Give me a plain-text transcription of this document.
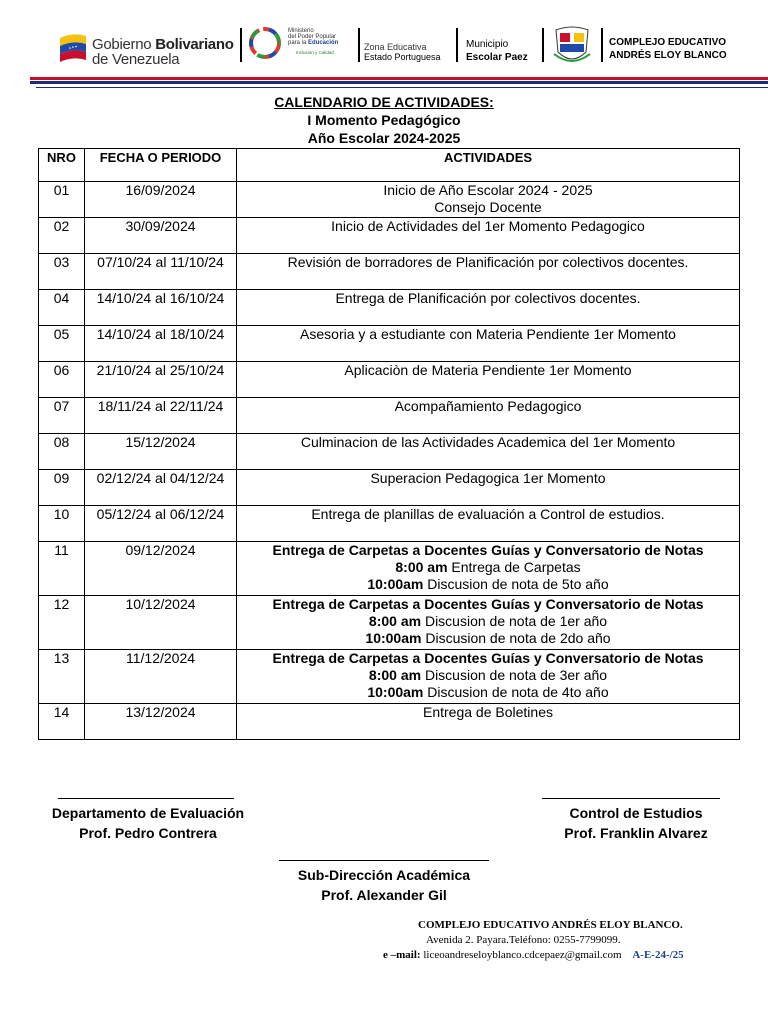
Gobierno Bolivariano
de Venezuela
Ministerio
del Poder Popular
para la Educación
Inclusión y Calidad
Zona Educativa
Estado Portuguesa
Municipio
Escolar Paez
COMPLEJO EDUCATIVO
ANDRÉS ELOY BLANCO
CALENDARIO DE ACTIVIDADES:
I Momento Pedagógico
Año Escolar 2024-2025
NRO	FECHA O PERIODO	ACTIVIDADES
01	16/09/2024	Inicio de Año Escolar 2024 - 2025
Consejo Docente

02	30/09/2024	Inicio de Actividades del 1er Momento Pedagogico
03	07/10/24 al 11/10/24	Revisión de borradores de Planificación por colectivos docentes.
04	14/10/24 al 16/10/24	Entrega de Planificación por colectivos docentes.
05	14/10/24 al 18/10/24	Asesoria y a estudiante con Materia Pendiente 1er Momento
06	21/10/24 al 25/10/24	Aplicaciòn de Materia Pendiente 1er Momento
07	18/11/24 al 22/11/24	Acompañamiento Pedagogico
08	15/12/2024	Culminacion de las Actividades Academica del 1er Momento
09	02/12/24 al 04/12/24	Superacion Pedagogica 1er Momento
10	05/12/24 al 06/12/24	Entrega de planillas de evaluación a Control de estudios.
11	09/12/2024	Entrega de Carpetas a Docentes Guías y Conversatorio de Notas
8:00 am Entrega de Carpetas
10:00am Discusion de nota de 5to año

12	10/12/2024	Entrega de Carpetas a Docentes Guías y Conversatorio de Notas
8:00 am Discusion de nota de 1er año
10:00am Discusion de nota de 2do año

13	11/12/2024	Entrega de Carpetas a Docentes Guías y Conversatorio de Notas
8:00 am Discusion de nota de 3er año
10:00am Discusion de nota de 4to año

14	13/12/2024	Entrega de Boletines
Departamento de Evaluación
Prof. Pedro Contrera
Control de Estudios
Prof. Franklin Alvarez
Sub-Dirección Académica
Prof. Alexander Gil
COMPLEJO EDUCATIVO ANDRÉS ELOY BLANCO.
Avenida 2. Payara.Teléfono: 0255-7799099.
e –mail: liceoandreseloyblanco.cdcepaez@gmail.com A-E-24-/25
